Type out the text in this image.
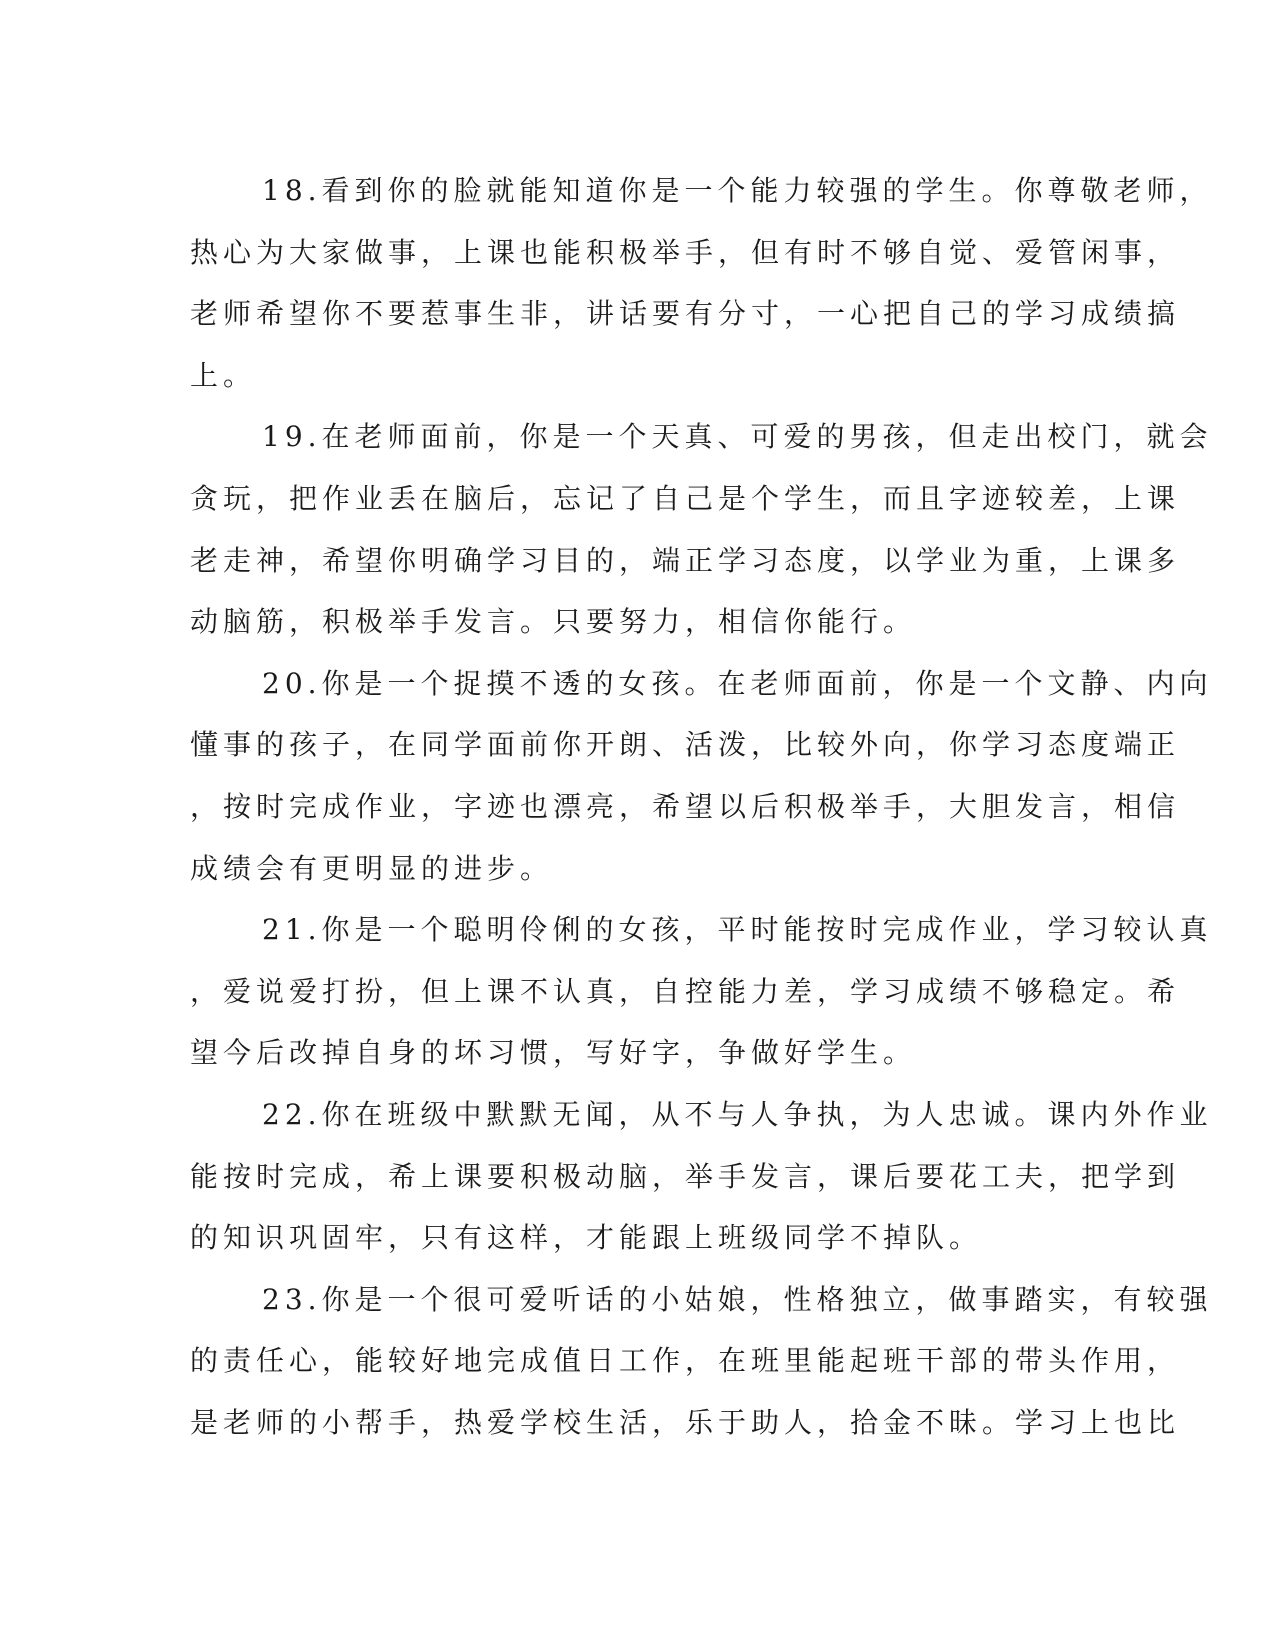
18.看到你的脸就能知道你是一个能力较强的学生。你尊敬老师，
热心为大家做事，上课也能积极举手，但有时不够自觉、爱管闲事，
老师希望你不要惹事生非，讲话要有分寸，一心把自己的学习成绩搞
上。
19.在老师面前，你是一个天真、可爱的男孩，但走出校门，就会
贪玩，把作业丢在脑后，忘记了自己是个学生，而且字迹较差，上课
老走神，希望你明确学习目的，端正学习态度，以学业为重，上课多
动脑筋，积极举手发言。只要努力，相信你能行。
20.你是一个捉摸不透的女孩。在老师面前，你是一个文静、内向
懂事的孩子，在同学面前你开朗、活泼，比较外向，你学习态度端正
，按时完成作业，字迹也漂亮，希望以后积极举手，大胆发言，相信
成绩会有更明显的进步。
21.你是一个聪明伶俐的女孩，平时能按时完成作业，学习较认真
，爱说爱打扮，但上课不认真，自控能力差，学习成绩不够稳定。希
望今后改掉自身的坏习惯，写好字，争做好学生。
22.你在班级中默默无闻，从不与人争执，为人忠诚。课内外作业
能按时完成，希上课要积极动脑，举手发言，课后要花工夫，把学到
的知识巩固牢，只有这样，才能跟上班级同学不掉队。
23.你是一个很可爱听话的小姑娘，性格独立，做事踏实，有较强
的责任心，能较好地完成值日工作，在班里能起班干部的带头作用，
是老师的小帮手，热爱学校生活，乐于助人，拾金不昧。学习上也比
